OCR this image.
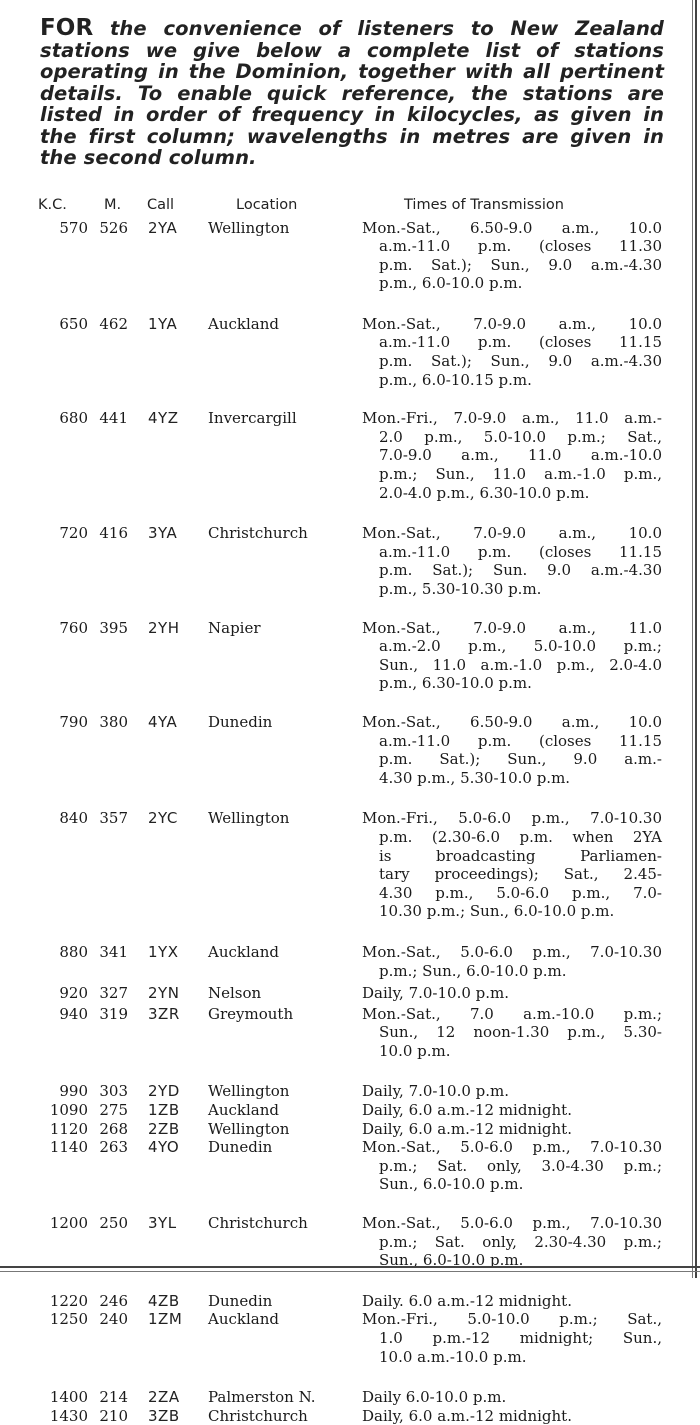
FOR the convenience of listeners to New Zealand stations we give below a complete list of stations operating in the Dominion, together with all pertinent details. To enable quick reference, the stations are listed in order of frequency in kilocycles, as given in the first column; wavelengths in metres are given in the second column.
K.C.	M. Call	Location	Times of Transmission
570 526 2YA Wellington	Mon.-Sat., 6.50-9.0 a.m., 10.0
a.m.-11.0 p.m. (closes 11.30
p.m. Sat.); Sun., 9.0 a.m.-4.30
p.m., 6.0-10.0 p.m.
650 462 1YA Auckland	Mon.-Sat., 7.0-9.0 a.m., 10.0
a.m.-11.0 p.m. (closes 11.15
p.m. Sat.); Sun., 9.0 a.m.-4.30
p.m., 6.0-10.15 p.m.
680 441 4YZ Invercargill	Mon.-Fri., 7.0-9.0 a.m., 11.0 a.m.-
2.0 p.m., 5.0-10.0 p.m.; Sat.,
7.0-9.0 a.m., 11.0 a.m.-10.0
p.m.; Sun., 11.0 a.m.-1.0 p.m.,
2.0-4.0 p.m., 6.30-10.0 p.m.
720 416 3YA Christchurch	Mon.-Sat., 7.0-9.0 a.m., 10.0
a.m.-11.0 p.m. (closes 11.15
p.m. Sat.); Sun. 9.0 a.m.-4.30
p.m., 5.30-10.30 p.m.
760 395 2YH Napier	Mon.-Sat., 7.0-9.0 a.m., 11.0
a.m.-2.0 p.m., 5.0-10.0 p.m.;
Sun., 11.0 a.m.-1.0 p.m., 2.0-4.0
p.m., 6.30-10.0 p.m.
790 380 4YA Dunedin	Mon.-Sat., 6.50-9.0 a.m., 10.0
a.m.-11.0 p.m. (closes 11.15
p.m. Sat.); Sun., 9.0 a.m.-
4.30 p.m., 5.30-10.0 p.m.
840 357 2YC Wellington	Mon.-Fri., 5.0-6.0 p.m., 7.0-10.30
p.m. (2.30-6.0 p.m. when 2YA
is broadcasting Parliamen-
tary proceedings); Sat., 2.45-
4.30 p.m., 5.0-6.0 p.m., 7.0-
10.30 p.m.; Sun., 6.0-10.0 p.m.
880 341 1YX Auckland	Mon.-Sat., 5.0-6.0 p.m., 7.0-10.30
p.m.; Sun., 6.0-10.0 p.m.
920 327 2YN Nelson	Daily, 7.0-10.0 p.m.
940 319 3ZR Greymouth	Mon.-Sat., 7.0 a.m.-10.0 p.m.;
Sun., 12 noon-1.30 p.m., 5.30-
10.0 p.m.
990 303 2YD Wellington	Daily, 7.0-10.0 p.m.
1090 275 1ZB Auckland	Daily, 6.0 a.m.-12 midnight.
1120 268 2ZB Wellington	Daily, 6.0 a.m.-12 midnight.
1140 263 4YO Dunedin	Mon.-Sat., 5.0-6.0 p.m., 7.0-10.30
p.m.; Sat. only, 3.0-4.30 p.m.;
Sun., 6.0-10.0 p.m.
1200 250 3YL Christchurch	Mon.-Sat., 5.0-6.0 p.m., 7.0-10.30
p.m.; Sat. only, 2.30-4.30 p.m.;
Sun., 6.0-10.0 p.m.
1220 246 4ZB Dunedin	Daily. 6.0 a.m.-12 midnight.
1250 240 1ZM Auckland	Mon.-Fri., 5.0-10.0 p.m.; Sat.,
1.0 p.m.-12 midnight; Sun.,
10.0 a.m.-10.0 p.m.
1400 214 2ZA Palmerston N.	Daily 6.0-10.0 p.m.
1430 210 3ZB Christchurch	Daily, 6.0 a.m.-12 midnight.
